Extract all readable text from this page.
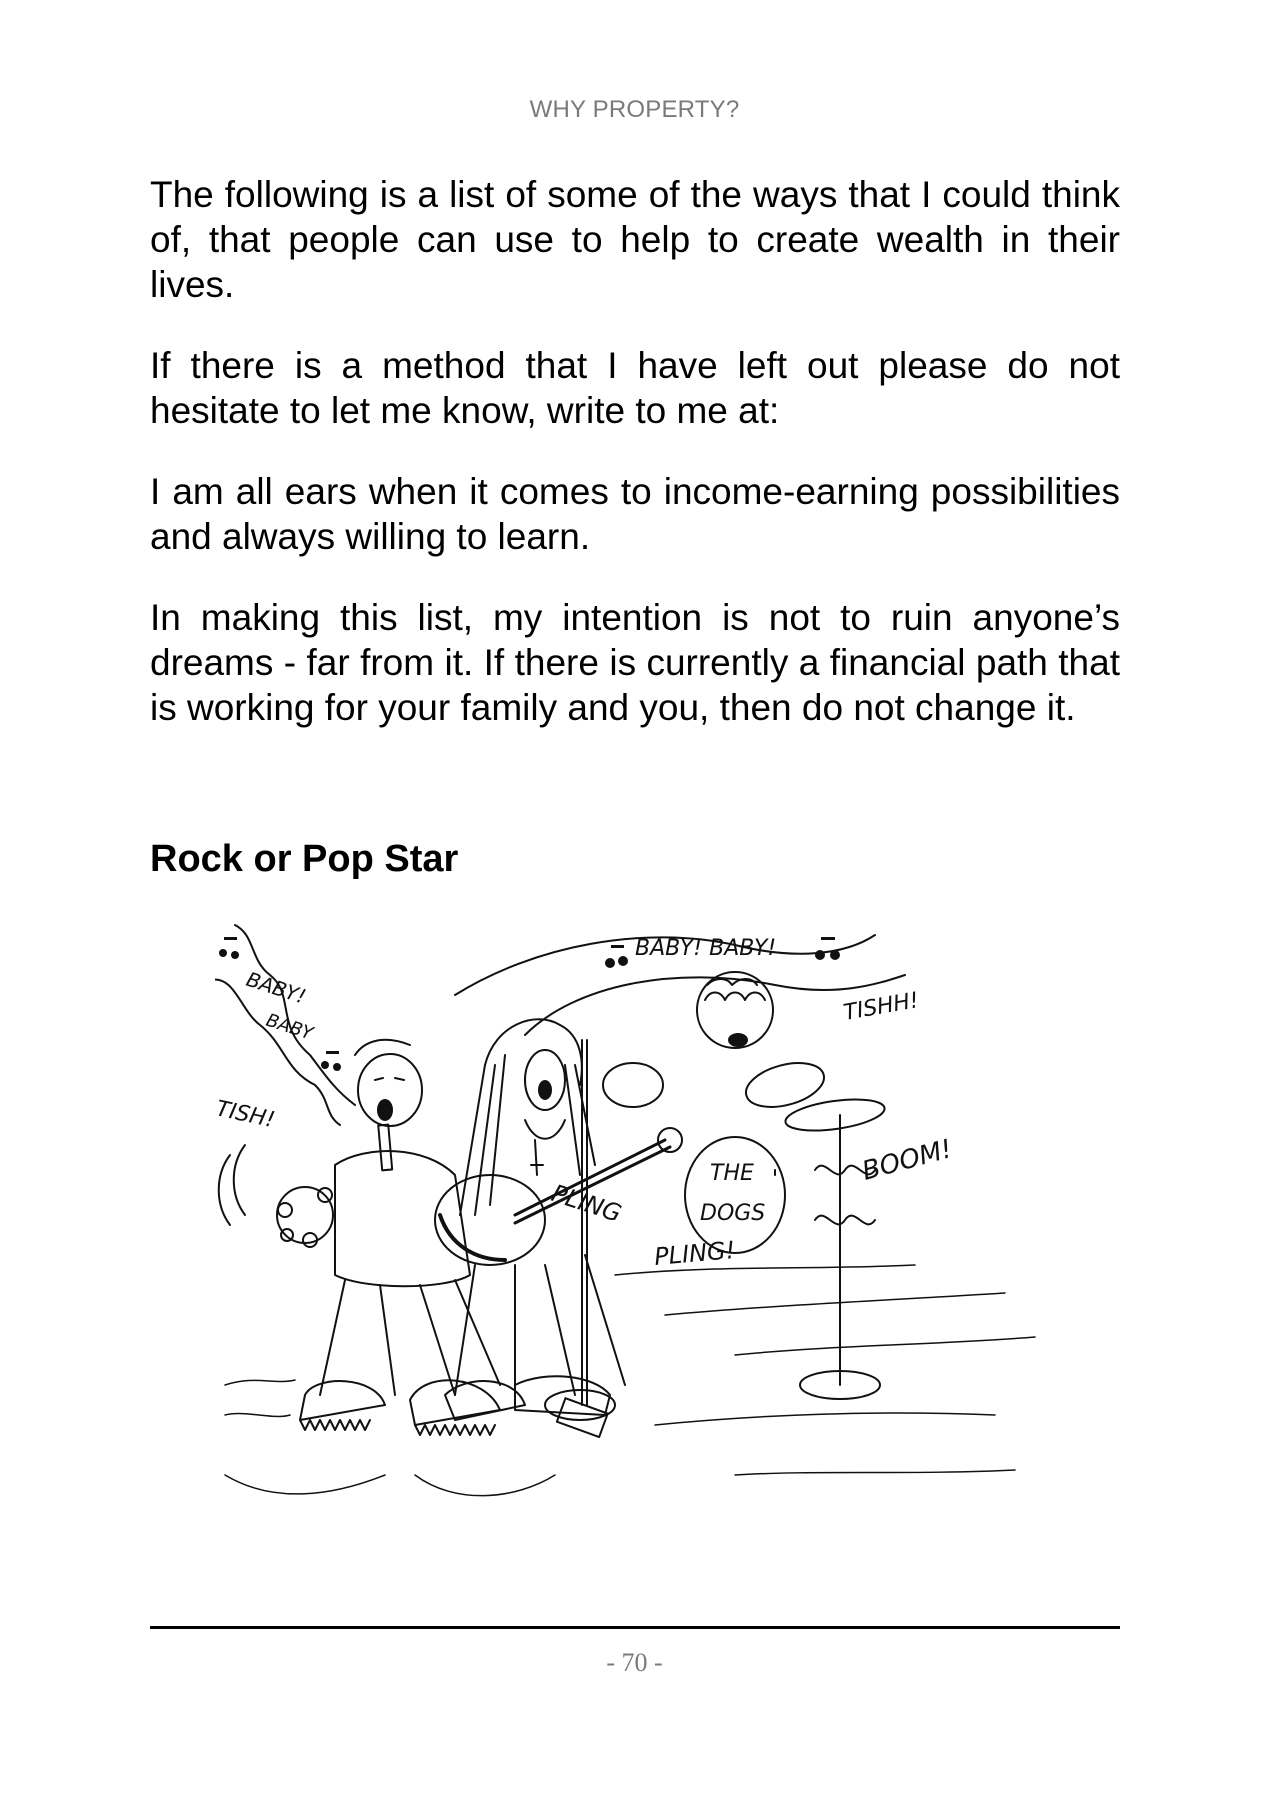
WHY PROPERTY?

The following is a list of some of the ways that I could think of, that people can use to help to create wealth in their lives.

If there is a method that I have left out please do not hesitate to let me know, write to me at:

I am all ears when it comes to income-earning possibilities and always willing to learn.

In making this list, my intention is not to ruin anyone’s dreams - far from it. If there is currently a financial path that is working for your family and you, then do not change it.

Rock or Pop Star
BABY!
BABY
TISH!
PLING
PLING!
BABY! BABY!
THE
DOGS
BOOM!
TISHH!
- 70 -
